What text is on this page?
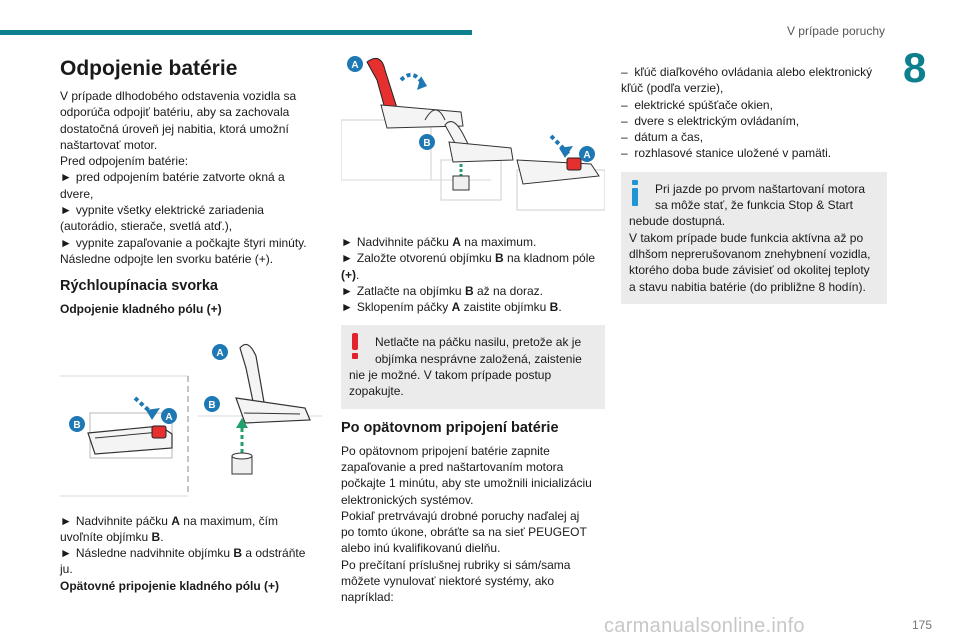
V prípade poruchy
8
Odpojenie batérie
V prípade dlhodobého odstavenia vozidla sa
odporúča odpojiť batériu, aby sa zachovala
dostatočná úroveň jej nabitia, ktorá umožní
naštartovať motor.
Pred odpojením batérie:
► pred odpojením batérie zatvorte okná a
dvere,
► vypnite všetky elektrické zariadenia
(autorádio, stierače, svetlá atď.),
► vypnite zapaľovanie a počkajte štyri minúty.
Následne odpojte len svorku batérie (+).
Rýchloupínacia svorka
Odpojenie kladného pólu (+)
A
B
A
B
► Nadvihnite páčku A na maximum, čím
uvoľníte objímku B.
► Následne nadvihnite objímku B a odstráňte
ju.
Opätovné pripojenie kladného pólu (+)
A
B
A
► Nadvihnite páčku A na maximum.
► Založte otvorenú objímku B na kladnom póle
(+).
► Zatlačte na objímku B až na doraz.
► Sklopením páčky A zaistite objímku B.
Netlačte na páčku nasilu, pretože ak je
objímka nesprávne založená, zaistenie
nie je možné. V takom prípade postup
zopakujte.
Po opätovnom pripojení batérie
Po opätovnom pripojení batérie zapnite
zapaľovanie a pred naštartovaním motora
počkajte 1 minútu, aby ste umožnili inicializáciu
elektronických systémov.
Pokiaľ pretrvávajú drobné poruchy naďalej aj
po tomto úkone, obráťte sa na sieť PEUGEOT
alebo inú kvalifikovanú dielňu.
Po prečítaní príslušnej rubriky si sám/sama
môžete vynulovať niektoré systémy, ako
napríklad:
–  kľúč diaľkového ovládania alebo elektronický
kľúč (podľa verzie),
–  elektrické spúšťače okien,
–  dvere s elektrickým ovládaním,
–  dátum a čas,
–  rozhlasové stanice uložené v pamäti.
Pri jazde po prvom naštartovaní motora
sa môže stať, že funkcia Stop & Start
nebude dostupná.
V takom prípade bude funkcia aktívna až po
dlhšom neprerušovanom znehybnení vozidla,
ktorého doba bude závisieť od okolitej teploty
a stavu nabitia batérie (do približne 8 hodín).
175
carmanualsonline.info
